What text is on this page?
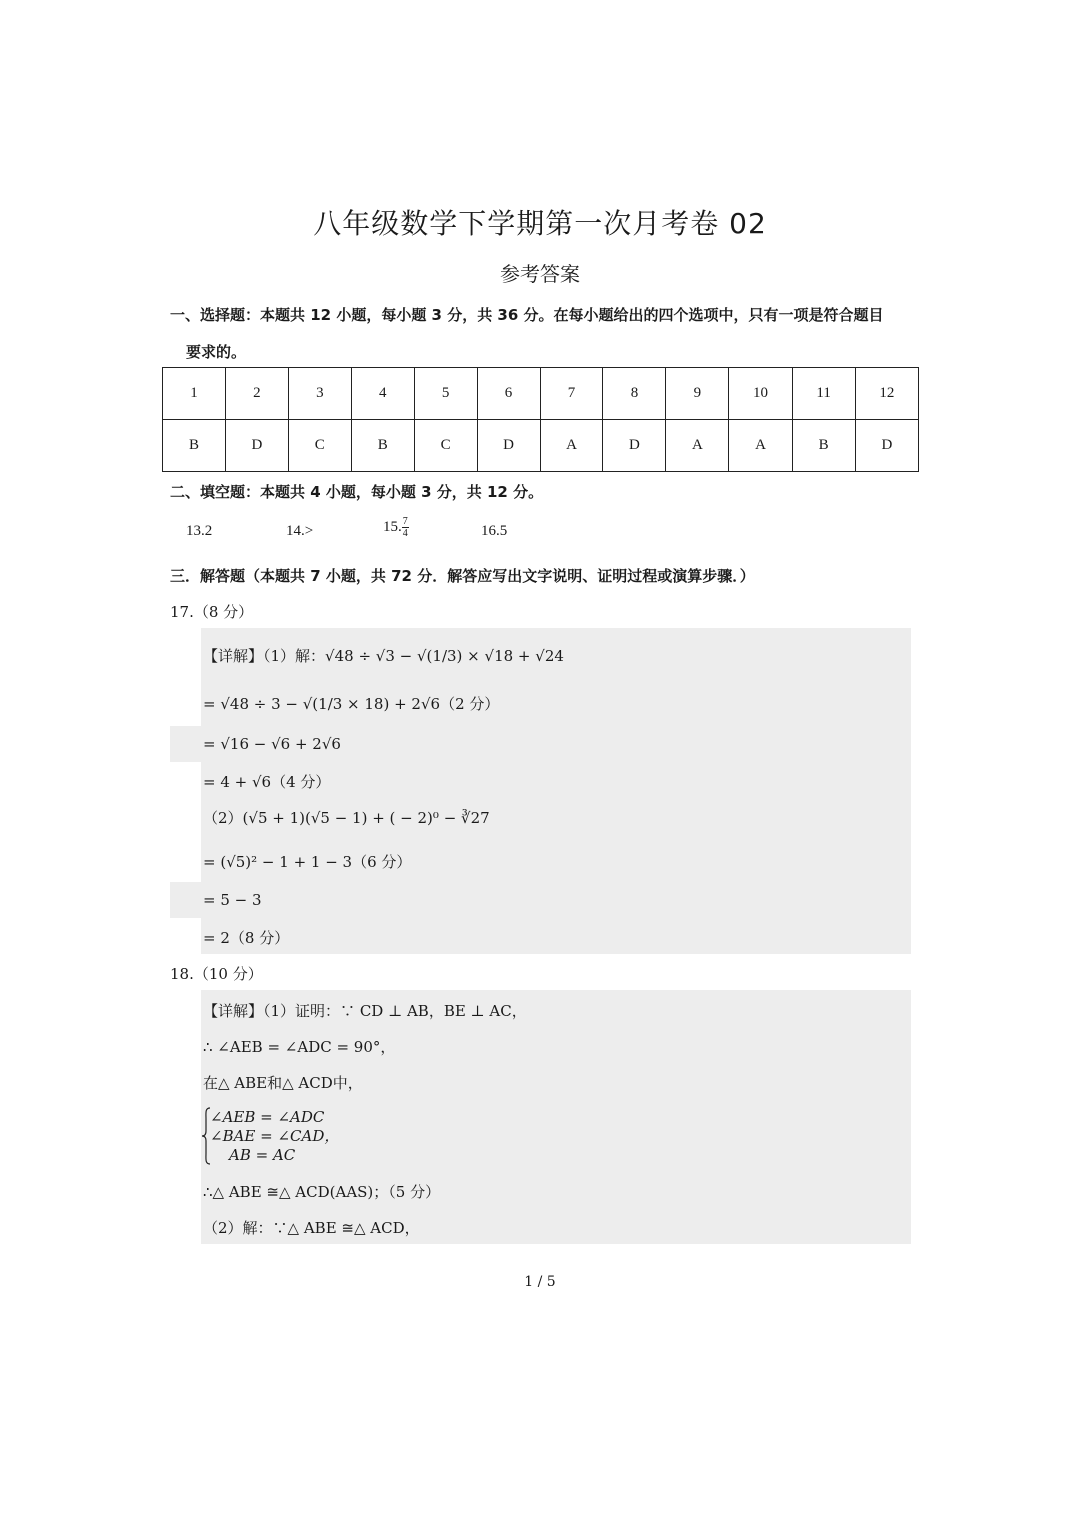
八年级数学下学期第一次月考卷 02
参考答案
一、选择题：本题共 12 小题，每小题 3 分，共 36 分。在每小题给出的四个选项中，只有一项是符合题目
要求的。
1	2	3	4	5	6	7	8	9	10	11	12
B	D	C	B	C	D	A	D	A	A	B	D
二、填空题：本题共 4 小题，每小题 3 分，共 12 分。
13.2	14.>	15. $\frac{7}{4}$	16.5
三．解答题（本题共 7 小题，共 72 分．解答应写出文字说明、证明过程或演算步骤．）
17.（8 分）
【详解】（1）解：√48 ÷ √3 − √(1/3) × √18 + √24
= √48 ÷ 3 − √(1/3 × 18) + 2√6（2 分）
= √16 − √6 + 2√6
= 4 + √6（4 分）
（2）(√5 + 1)(√5 − 1) + ( − 2)⁰ − ∛27
= (√5)² − 1 + 1 − 3（6 分）
= 5 − 3
= 2（8 分）
18.（10 分）
【详解】（1）证明：∵ CD ⊥ AB，BE ⊥ AC，
∴ ∠AEB = ∠ADC = 90°，
在△ ABE和△ ACD中，
∠AEB = ∠ADC
∠BAE = ∠CAD，
AB = AC
∴△ ABE ≅△ ACD(AAS)；（5 分）
（2）解：∵△ ABE ≅△ ACD，
1 / 5
